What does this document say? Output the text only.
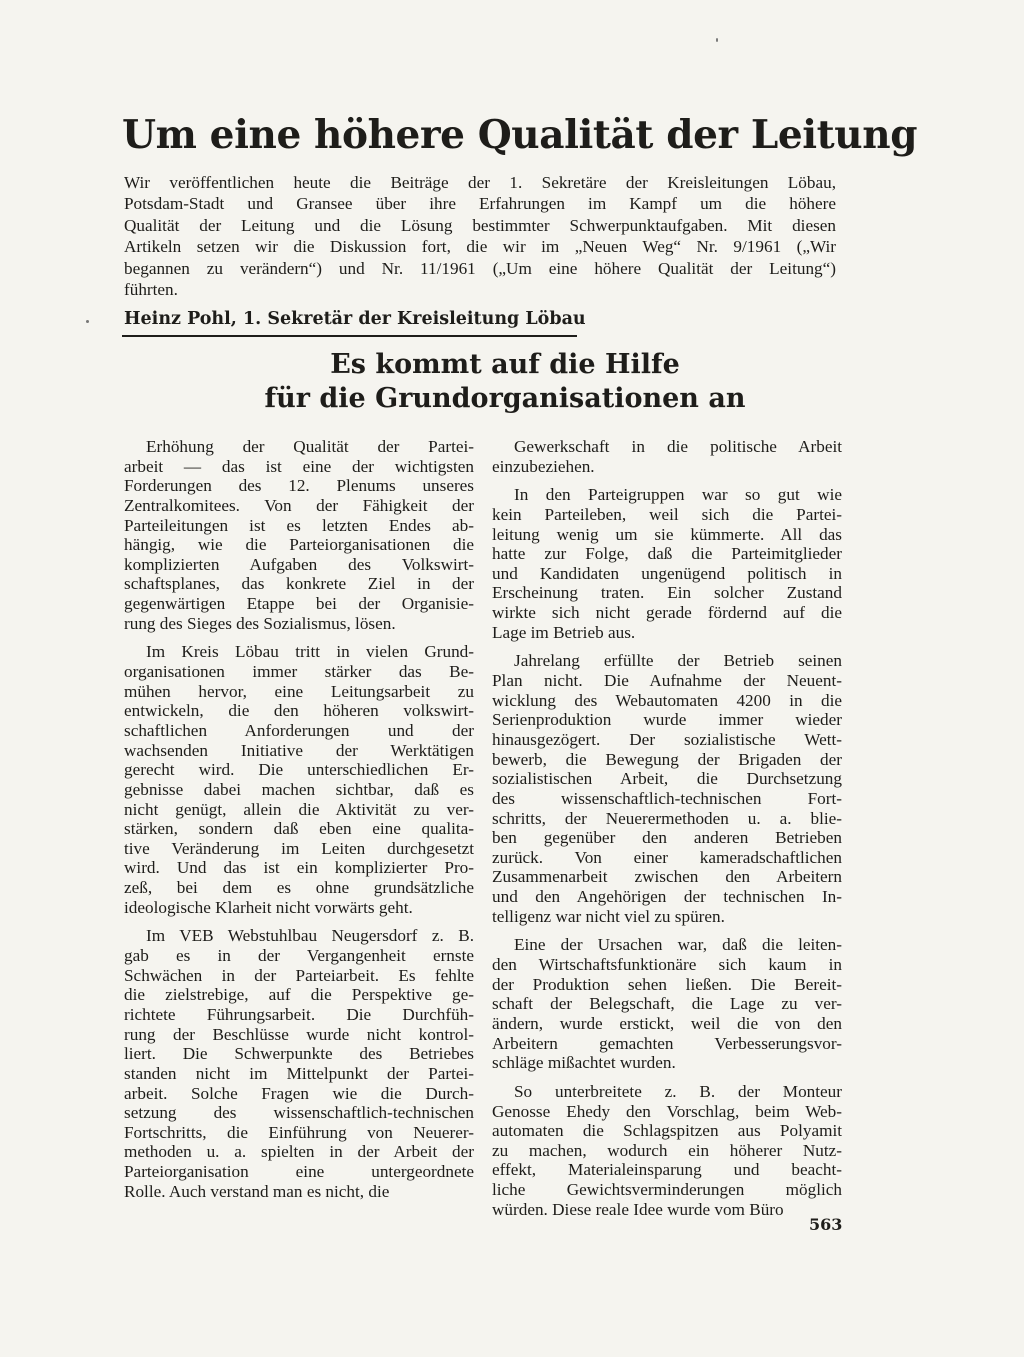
Um eine höhere Qualität der Leitung
Wir veröffentlichen heute die Beiträge der 1. Sekretäre der Kreisleitungen Löbau,
Potsdam-Stadt und Gransee über ihre Erfahrungen im Kampf um die höhere
Qualität der Leitung und die Lösung bestimmter Schwerpunktaufgaben. Mit diesen
Artikeln setzen wir die Diskussion fort, die wir im „Neuen Weg“ Nr. 9/1961 („Wir
begannen zu verändern“) und Nr. 11/1961 („Um eine höhere Qualität der Leitung“)
führten.

Heinz Pohl, 1. Sekretär der Kreisleitung Löbau

Es kommt auf die Hilfe
für die Grundorganisationen an
Erhöhung der Qualität der Partei-
arbeit — das ist eine der wichtigsten
Forderungen des 12. Plenums unseres
Zentralkomitees. Von der Fähigkeit der
Parteileitungen ist es letzten Endes ab-
hängig, wie die Parteiorganisationen die
komplizierten Aufgaben des Volkswirt-
schaftsplanes, das konkrete Ziel in der
gegenwärtigen Etappe bei der Organisie-
rung des Sieges des Sozialismus, lösen.
Im Kreis Löbau tritt in vielen Grund-
organisationen immer stärker das Be-
mühen hervor, eine Leitungsarbeit zu
entwickeln, die den höheren volkswirt-
schaftlichen Anforderungen und der
wachsenden Initiative der Werktätigen
gerecht wird. Die unterschiedlichen Er-
gebnisse dabei machen sichtbar, daß es
nicht genügt, allein die Aktivität zu ver-
stärken, sondern daß eben eine qualita-
tive Veränderung im Leiten durchgesetzt
wird. Und das ist ein komplizierter Pro-
zeß, bei dem es ohne grundsätzliche
ideologische Klarheit nicht vorwärts geht.
Im VEB Webstuhlbau Neugersdorf z. B.
gab es in der Vergangenheit ernste
Schwächen in der Parteiarbeit. Es fehlte
die zielstrebige, auf die Perspektive ge-
richtete Führungsarbeit. Die Durchfüh-
rung der Beschlüsse wurde nicht kontrol-
liert. Die Schwerpunkte des Betriebes
standen nicht im Mittelpunkt der Partei-
arbeit. Solche Fragen wie die Durch-
setzung des wissenschaftlich-technischen
Fortschritts, die Einführung von Neuerer-
methoden u. a. spielten in der Arbeit der
Parteiorganisation eine untergeordnete
Rolle. Auch verstand man es nicht, die
Gewerkschaft in die politische Arbeit
einzubeziehen.
In den Parteigruppen war so gut wie
kein Parteileben, weil sich die Partei-
leitung wenig um sie kümmerte. All das
hatte zur Folge, daß die Parteimitglieder
und Kandidaten ungenügend politisch in
Erscheinung traten. Ein solcher Zustand
wirkte sich nicht gerade fördernd auf die
Lage im Betrieb aus.
Jahrelang erfüllte der Betrieb seinen
Plan nicht. Die Aufnahme der Neuent-
wicklung des Webautomaten 4200 in die
Serienproduktion wurde immer wieder
hinausgezögert. Der sozialistische Wett-
bewerb, die Bewegung der Brigaden der
sozialistischen Arbeit, die Durchsetzung
des wissenschaftlich-technischen Fort-
schritts, der Neuerermethoden u. a. blie-
ben gegenüber den anderen Betrieben
zurück. Von einer kameradschaftlichen
Zusammenarbeit zwischen den Arbeitern
und den Angehörigen der technischen In-
telligenz war nicht viel zu spüren.
Eine der Ursachen war, daß die leiten-
den Wirtschaftsfunktionäre sich kaum in
der Produktion sehen ließen. Die Bereit-
schaft der Belegschaft, die Lage zu ver-
ändern, wurde erstickt, weil die von den
Arbeitern gemachten Verbesserungsvor-
schläge mißachtet wurden.
So unterbreitete z. B. der Monteur
Genosse Ehedy den Vorschlag, beim Web-
automaten die Schlagspitzen aus Polyamit
zu machen, wodurch ein höherer Nutz-
effekt, Materialeinsparung und beacht-
liche Gewichtsverminderungen möglich
würden. Diese reale Idee wurde vom Büro

563
